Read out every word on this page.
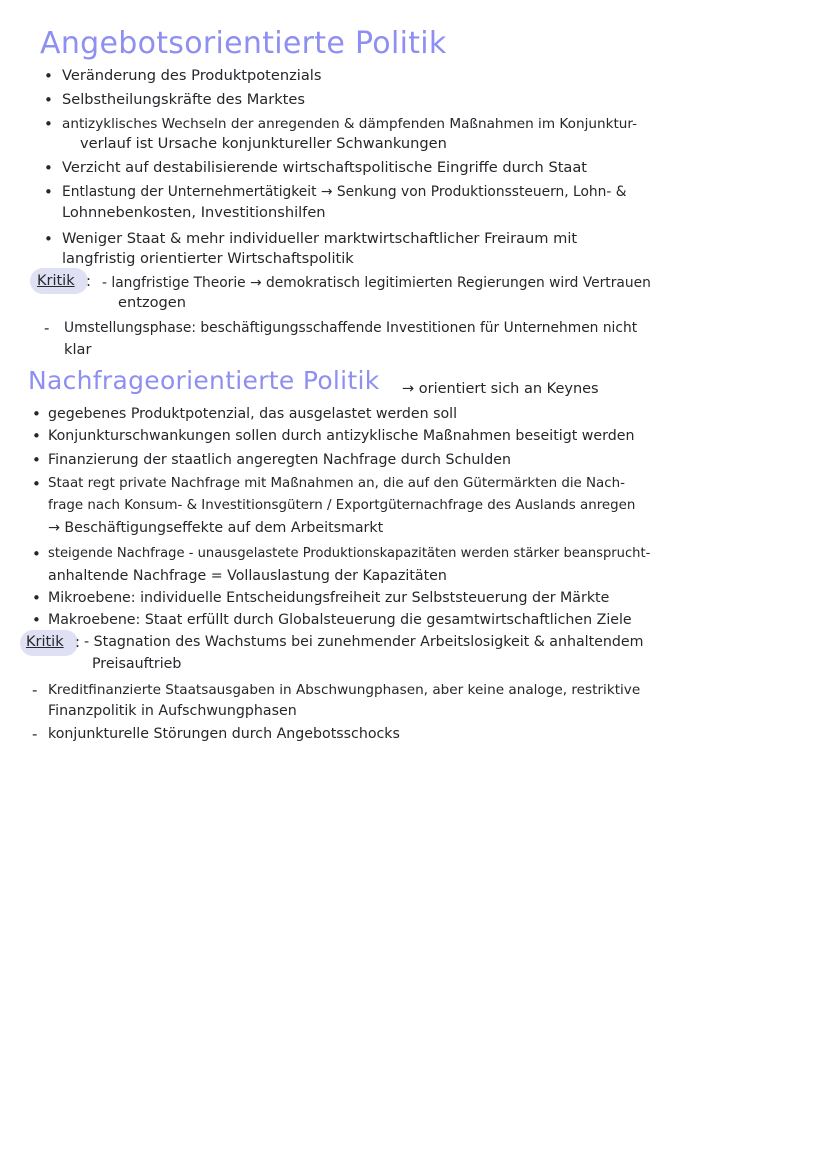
Angebotsorientierte Politik
• Veränderung des Produktpotenzials
• Selbstheilungskräfte des Marktes
• antizyklisches Wechseln der anregenden & dämpfenden Maßnahmen im Konjunktur-
verlauf ist Ursache konjunktureller Schwankungen
• Verzicht auf destabilisierende wirtschaftspolitische Eingriffe durch Staat
• Entlastung der Unternehmertätigkeit → Senkung von Produktionssteuern, Lohn- &
Lohnnebenkosten, Investitionshilfen
• Weniger Staat & mehr individueller marktwirtschaftlicher Freiraum mit
langfristig orientierter Wirtschaftspolitik
Kritik : - langfristige Theorie → demokratisch legitimierten Regierungen wird Vertrauen
entzogen
- Umstellungsphase: beschäftigungsschaffende Investitionen für Unternehmen nicht
klar
Nachfrageorientierte Politik → orientiert sich an Keynes
• gegebenes Produktpotenzial, das ausgelastet werden soll
• Konjunkturschwankungen sollen durch antizyklische Maßnahmen beseitigt werden
• Finanzierung der staatlich angeregten Nachfrage durch Schulden
• Staat regt private Nachfrage mit Maßnahmen an, die auf den Gütermärkten die Nach-
frage nach Konsum- & Investitionsgütern / Exportgüternachfrage des Auslands anregen
→ Beschäftigungseffekte auf dem Arbeitsmarkt
• steigende Nachfrage - unausgelastete Produktionskapazitäten werden stärker beansprucht-
anhaltende Nachfrage = Vollauslastung der Kapazitäten
• Mikroebene: individuelle Entscheidungsfreiheit zur Selbststeuerung der Märkte
• Makroebene: Staat erfüllt durch Globalsteuerung die gesamtwirtschaftlichen Ziele
Kritik : - Stagnation des Wachstums bei zunehmender Arbeitslosigkeit & anhaltendem
Preisauftrieb
- Kreditfinanzierte Staatsausgaben in Abschwungphasen, aber keine analoge, restriktive
Finanzpolitik in Aufschwungphasen
- konjunkturelle Störungen durch Angebotsschocks
